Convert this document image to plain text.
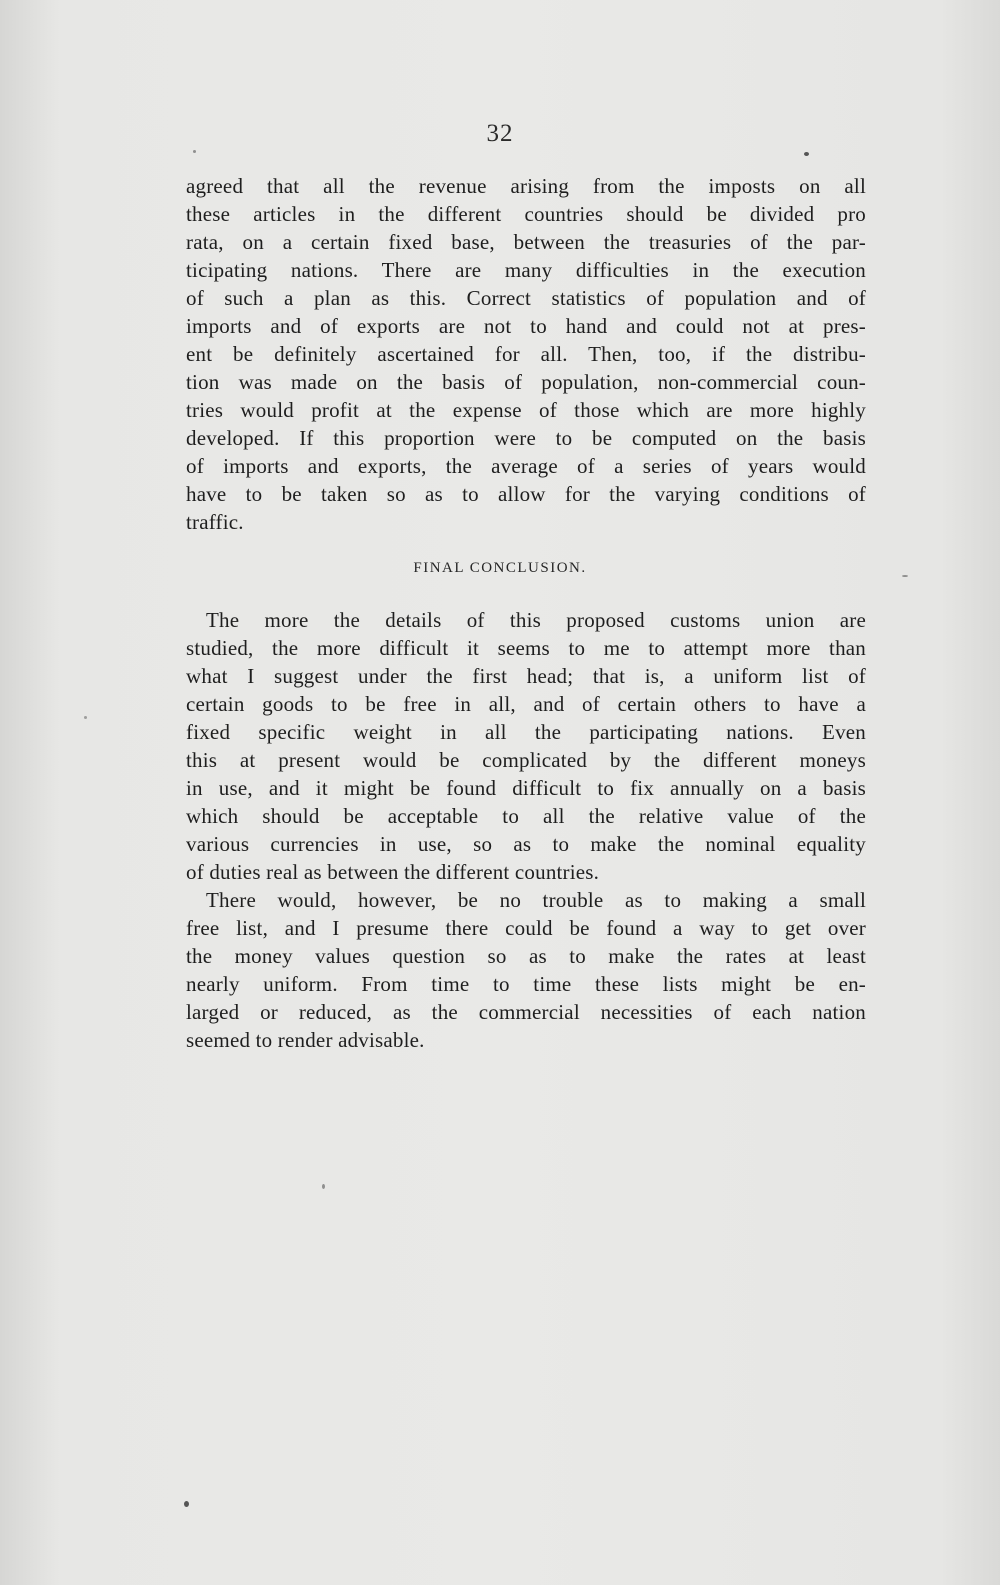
32
agreed that all the revenue arising from the imposts on all
these articles in the different countries should be divided pro
rata, on a certain fixed base, between the treasuries of the par-
ticipating nations. There are many difficulties in the execution
of such a plan as this. Correct statistics of population and of
imports and of exports are not to hand and could not at pres-
ent be definitely ascertained for all. Then, too, if the distribu-
tion was made on the basis of population, non-commercial coun-
tries would profit at the expense of those which are more highly
developed. If this proportion were to be computed on the basis
of imports and exports, the average of a series of years would
have to be taken so as to allow for the varying conditions of
traffic.
FINAL CONCLUSION.
The more the details of this proposed customs union are
studied, the more difficult it seems to me to attempt more than
what I suggest under the first head; that is, a uniform list of
certain goods to be free in all, and of certain others to have a
fixed specific weight in all the participating nations. Even
this at present would be complicated by the different moneys
in use, and it might be found difficult to fix annually on a basis
which should be acceptable to all the relative value of the
various currencies in use, so as to make the nominal equality
of duties real as between the different countries.
There would, however, be no trouble as to making a small
free list, and I presume there could be found a way to get over
the money values question so as to make the rates at least
nearly uniform. From time to time these lists might be en-
larged or reduced, as the commercial necessities of each nation
seemed to render advisable.
